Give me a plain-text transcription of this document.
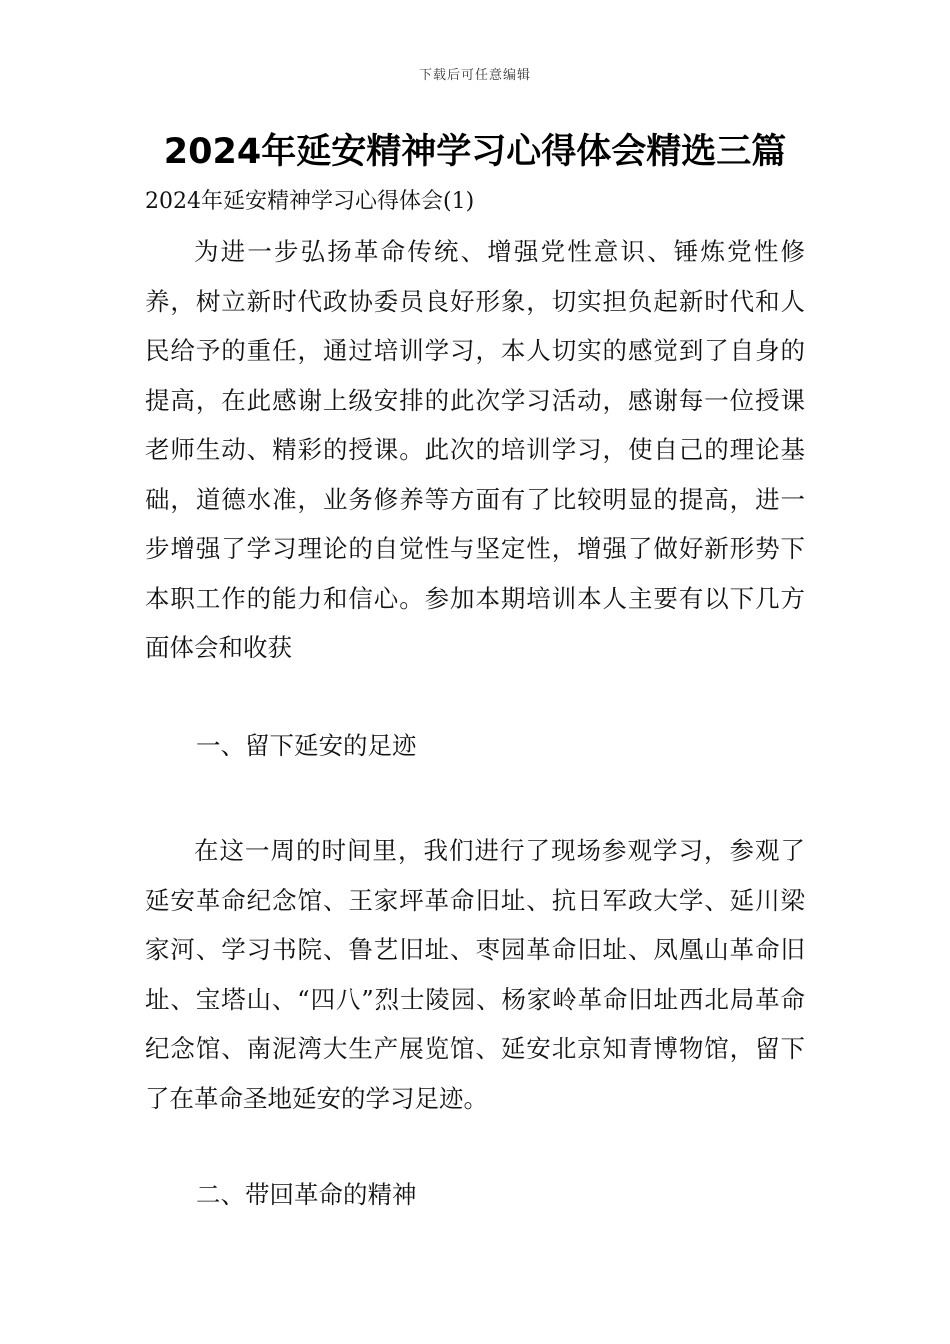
下载后可任意编辑
2024年延安精神学习心得体会精选三篇
2024年延安精神学习心得体会(1)

为进一步弘扬革命传统、增强党性意识、锤炼党性修养，树立新时代政协委员良好形象，切实担负起新时代和人民给予的重任，通过培训学习，本人切实的感觉到了自身的提高，在此感谢上级安排的此次学习活动，感谢每一位授课老师生动、精彩的授课。此次的培训学习，使自己的理论基础，道德水准，业务修养等方面有了比较明显的提高，进一步增强了学习理论的自觉性与坚定性，增强了做好新形势下本职工作的能力和信心。参加本期培训本人主要有以下几方面体会和收获

一、留下延安的足迹

在这一周的时间里，我们进行了现场参观学习，参观了延安革命纪念馆、王家坪革命旧址、抗日军政大学、延川梁家河、学习书院、鲁艺旧址、枣园革命旧址、凤凰山革命旧址、宝塔山、“四八”烈士陵园、杨家岭革命旧址西北局革命纪念馆、南泥湾大生产展览馆、延安北京知青博物馆，留下了在革命圣地延安的学习足迹。

二、带回革命的精神
